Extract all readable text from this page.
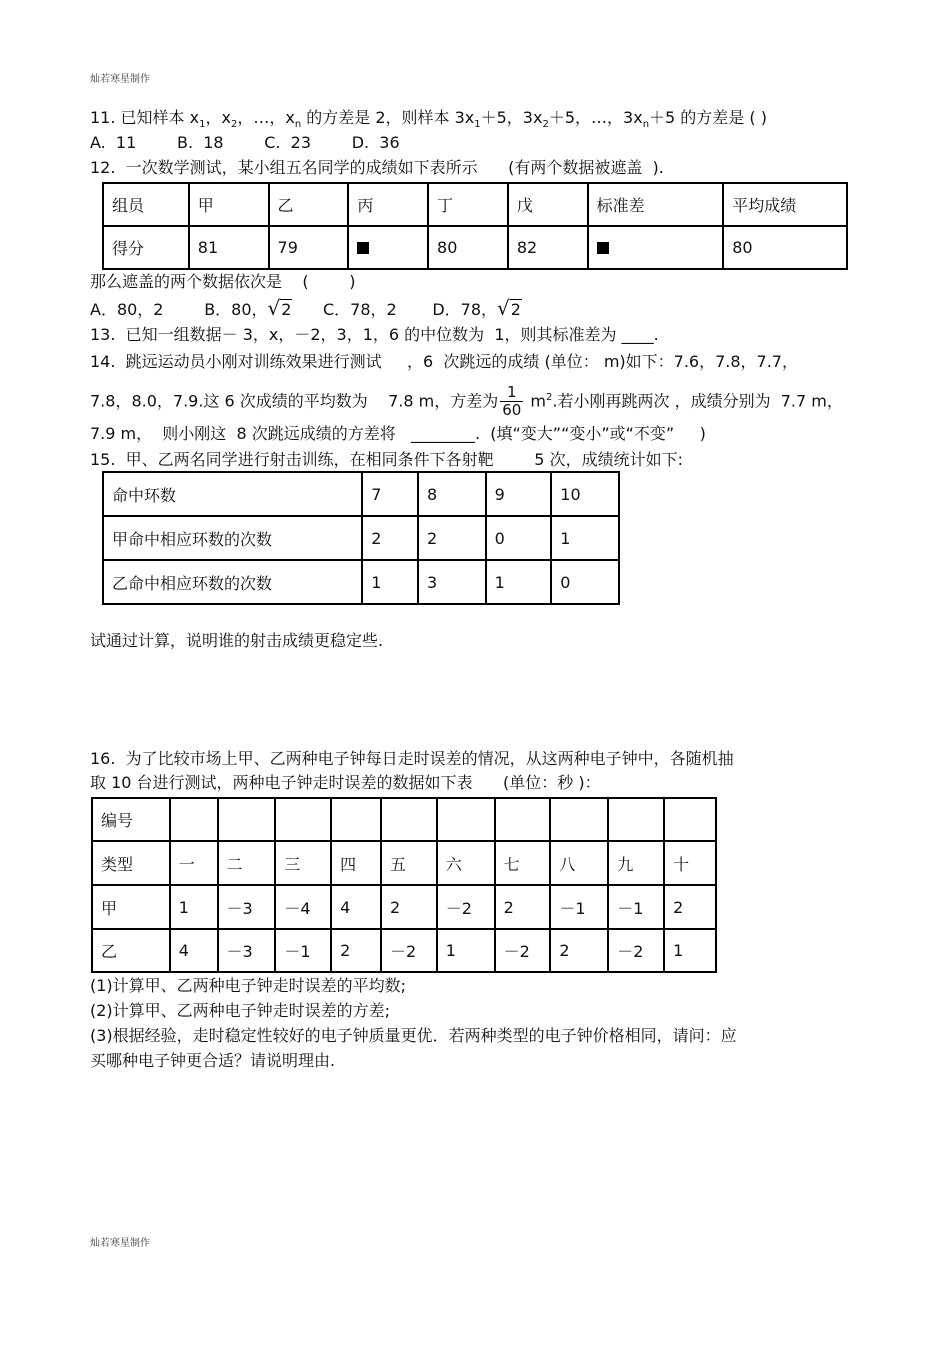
灿若寒星制作
11. 已知样本 $x_1$，$x_2$，…，$x_n$ 的方差是 2，则样本 $3x_1+5$，$3x_2+5$，…，$3x_n+5$ 的方差是 ( )
A.  11        B.  18        C.  23        D.  36
12.  一次数学测试，某小组五名同学的成绩如下表所示      (有两个数据被遮盖  ).
组员	甲	乙	丙	丁	戊	标准差	平均成绩
得分	81	79		80	82		80
那么遮盖的两个数据依次是    (        )
A．80，2	B．80，√2 C．78，2 D．78，√2
13.  已知一组数据－ 3，x，－2，3，1，6 的中位数为  1，则其标准差为 ____.
14.  跳远运动员小刚对训练效果进行测试     ，6  次跳远的成绩 (单位： m)如下：7.6，7.8，7.7，
7.8，8.0，7.9.这 6 次成绩的平均数为    7.8 m，方差为 $\frac{1}{60} m^2$.若小刚再跳两次 ，成绩分别为  7.7 m，
7.9 m，  则小刚这  8 次跳远成绩的方差将   ________.  (填“变大”“变小”或“不变”     )
15.  甲、乙两名同学进行射击训练，在相同条件下各射靶        5 次，成绩统计如下:
命中环数	7	8	9	10
甲命中相应环数的次数	2	2	0	1
乙命中相应环数的次数	1	3	1	0
试通过计算，说明谁的射击成绩更稳定些.
16.  为了比较市场上甲、乙两种电子钟每日走时误差的情况，从这两种电子钟中，各随机抽
取 10 台进行测试，两种电子钟走时误差的数据如下表      (单位：秒 )：
编号										
类型	一	二	三	四	五	六	七	八	九	十
甲	1	－3	－4	4	2	－2	2	－1	－1	2
乙	4	－3	－1	2	－2	1	－2	2	－2	1
(1)计算甲、乙两种电子钟走时误差的平均数;
(2)计算甲、乙两种电子钟走时误差的方差;
(3)根据经验，走时稳定性较好的电子钟质量更优．若两种类型的电子钟价格相同，请问：应
买哪种电子钟更合适？请说明理由.
灿若寒星制作
